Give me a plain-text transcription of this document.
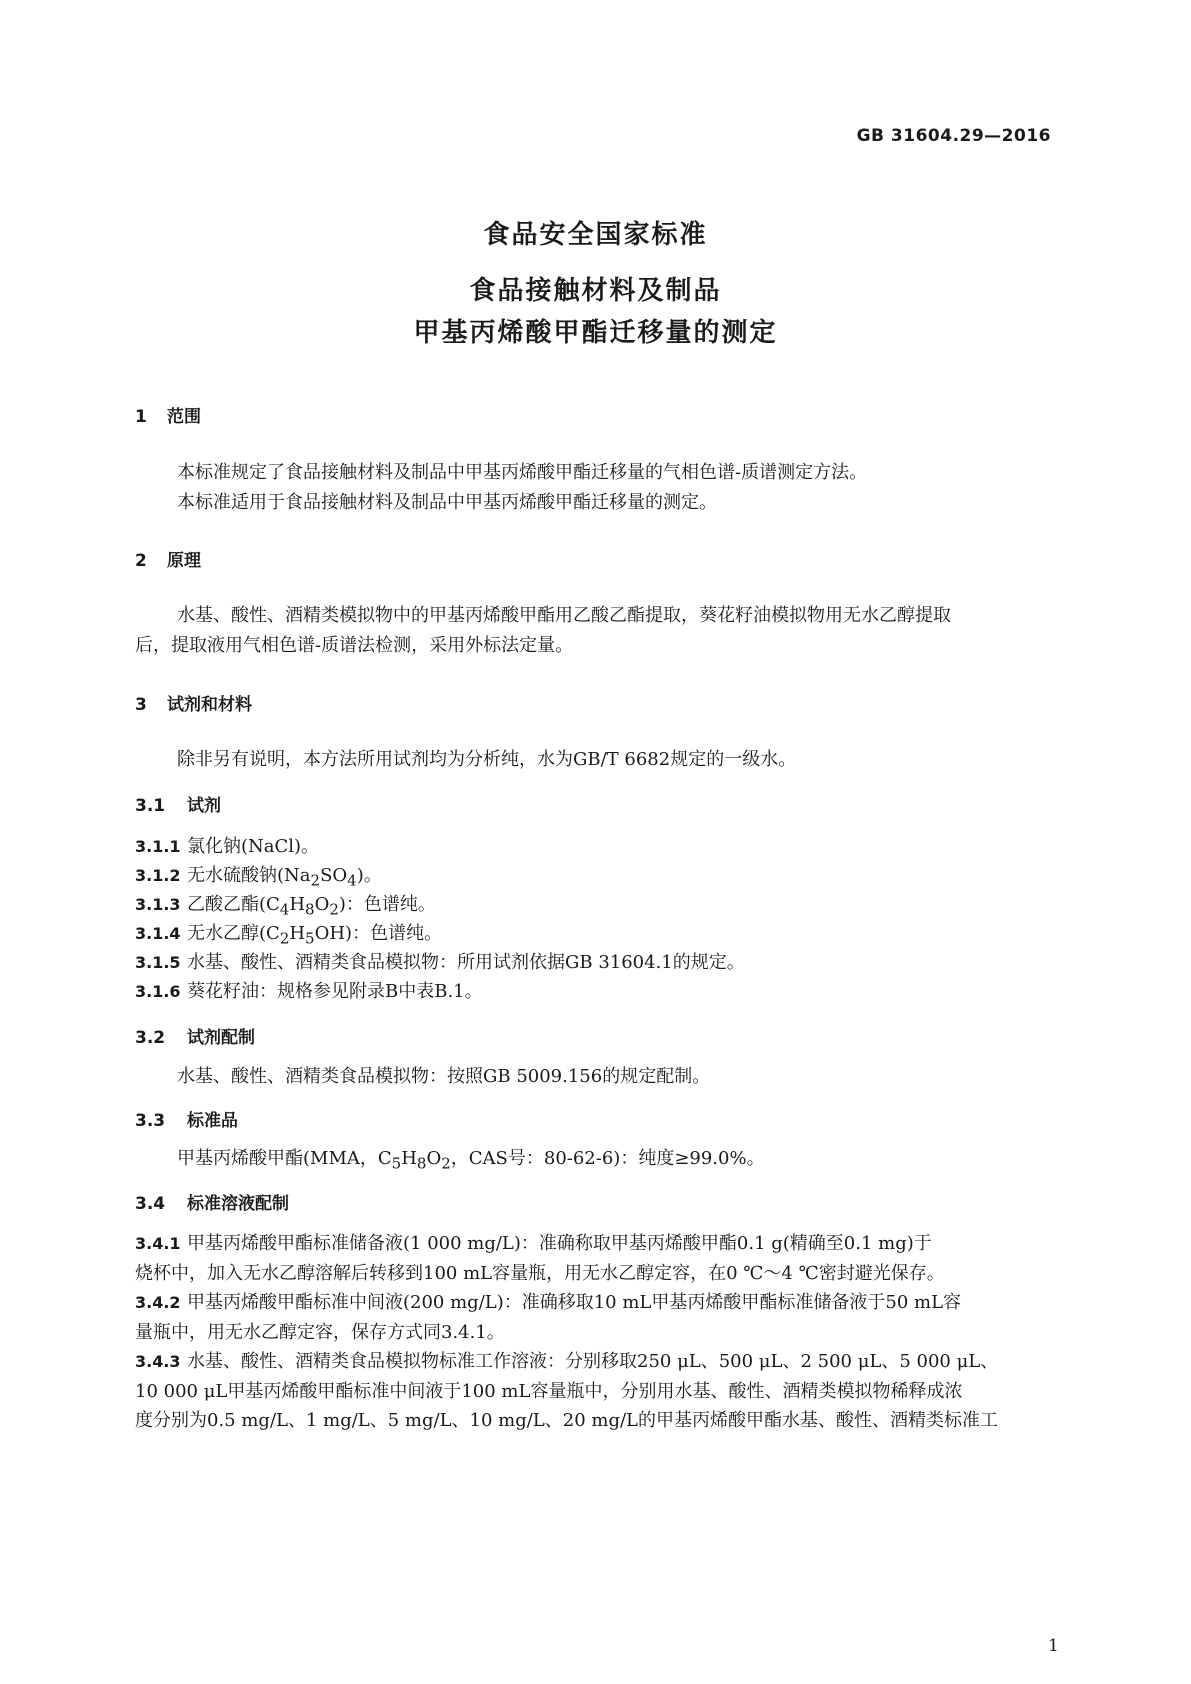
GB 31604.29—2016
食品安全国家标准
食品接触材料及制品
甲基丙烯酸甲酯迁移量的测定
1 范围
本标准规定了食品接触材料及制品中甲基丙烯酸甲酯迁移量的气相色谱-质谱测定方法。
本标准适用于食品接触材料及制品中甲基丙烯酸甲酯迁移量的测定。
2 原理
水基、酸性、酒精类模拟物中的甲基丙烯酸甲酯用乙酸乙酯提取，葵花籽油模拟物用无水乙醇提取
后，提取液用气相色谱-质谱法检测，采用外标法定量。
3 试剂和材料
除非另有说明，本方法所用试剂均为分析纯，水为GB/T 6682规定的一级水。
3.1 试剂
3.1.1 氯化钠(NaCl)。
3.1.2 无水硫酸钠$(Na_2SO_4)$。
3.1.3 乙酸乙酯$(C_4H_8O_2)$：色谱纯。
3.1.4 无水乙醇$(C_2H_5OH)$：色谱纯。
3.1.5 水基、酸性、酒精类食品模拟物：所用试剂依据GB 31604.1的规定。
3.1.6 葵花籽油：规格参见附录B中表B.1。
3.2 试剂配制
水基、酸性、酒精类食品模拟物：按照GB 5009.156的规定配制。
3.3 标准品
甲基丙烯酸甲酯(MMA，$C_5H_8O_2$，CAS号：80-62-6)：纯度≥99.0%。
3.4 标准溶液配制
3.4.1 甲基丙烯酸甲酯标准储备液(1 000 mg/L)：准确称取甲基丙烯酸甲酯0.1 g(精确至0.1 mg)于
烧杯中，加入无水乙醇溶解后转移到100 mL容量瓶，用无水乙醇定容，在0 ℃～4 ℃密封避光保存。
3.4.2 甲基丙烯酸甲酯标准中间液(200 mg/L)：准确移取10 mL甲基丙烯酸甲酯标准储备液于50 mL容
量瓶中，用无水乙醇定容，保存方式同3.4.1。
3.4.3 水基、酸性、酒精类食品模拟物标准工作溶液：分别移取250 μL、500 μL、2 500 μL、5 000 μL、
10 000 μL甲基丙烯酸甲酯标准中间液于100 mL容量瓶中，分别用水基、酸性、酒精类模拟物稀释成浓
度分别为0.5 mg/L、1 mg/L、5 mg/L、10 mg/L、20 mg/L的甲基丙烯酸甲酯水基、酸性、酒精类标准工
1
